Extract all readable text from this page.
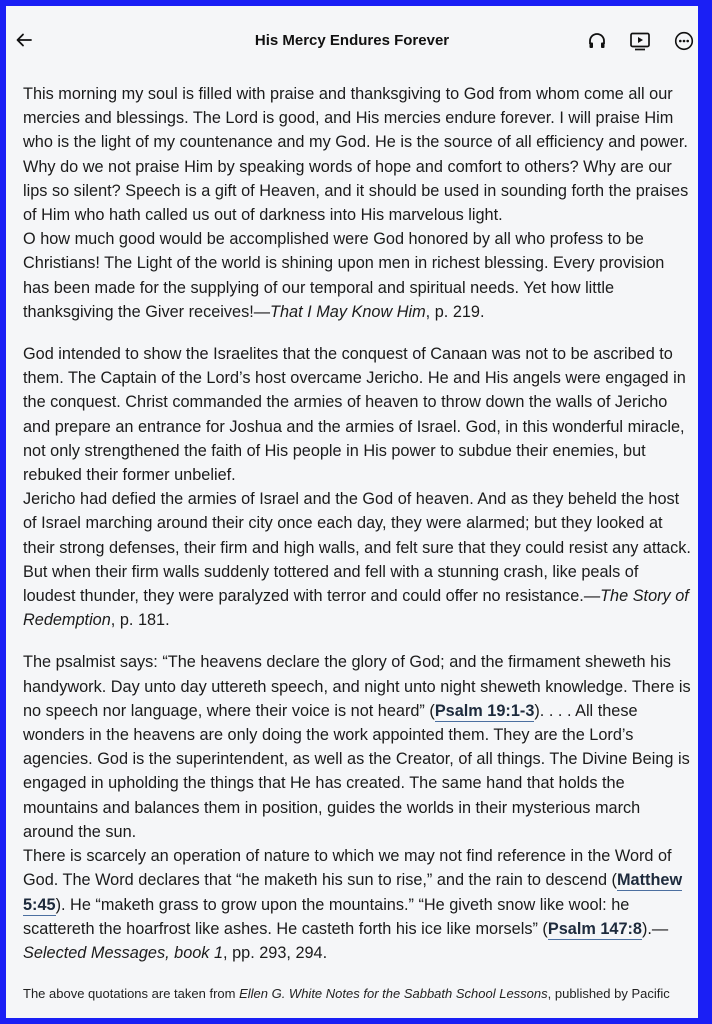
His Mercy Endures Forever

This morning my soul is filled with praise and thanksgiving to God from whom come all our mercies and blessings. The Lord is good, and His mercies endure forever. I will praise Him who is the light of my countenance and my God. He is the source of all efficiency and power. Why do we not praise Him by speaking words of hope and comfort to others? Why are our lips so silent? Speech is a gift of Heaven, and it should be used in sounding forth the praises of Him who hath called us out of darkness into His marvelous light.

O how much good would be accomplished were God honored by all who profess to be Christians! The Light of the world is shining upon men in richest blessing. Every provision has been made for the supplying of our temporal and spiritual needs. Yet how little thanksgiving the Giver receives!—That I May Know Him, p. 219.

God intended to show the Israelites that the conquest of Canaan was not to be ascribed to them. The Captain of the Lord’s host overcame Jericho. He and His angels were engaged in the conquest. Christ commanded the armies of heaven to throw down the walls of Jericho and prepare an entrance for Joshua and the armies of Israel. God, in this wonderful miracle, not only strengthened the faith of His people in His power to subdue their enemies, but rebuked their former unbelief.

Jericho had defied the armies of Israel and the God of heaven. And as they beheld the host of Israel marching around their city once each day, they were alarmed; but they looked at their strong defenses, their firm and high walls, and felt sure that they could resist any attack. But when their firm walls suddenly tottered and fell with a stunning crash, like peals of loudest thunder, they were paralyzed with terror and could offer no resistance.—The Story of Redemption, p. 181.

The psalmist says: “The heavens declare the glory of God; and the firmament sheweth his handywork. Day unto day uttereth speech, and night unto night sheweth knowledge. There is no speech nor language, where their voice is not heard” (Psalm 19:1-3). . . . All these wonders in the heavens are only doing the work appointed them. They are the Lord’s agencies. God is the superintendent, as well as the Creator, of all things. The Divine Being is engaged in upholding the things that He has created. The same hand that holds the mountains and balances them in position, guides the worlds in their mysterious march around the sun.

There is scarcely an operation of nature to which we may not find reference in the Word of God. The Word declares that “he maketh his sun to rise,” and the rain to descend (Matthew 5:45). He “maketh grass to grow upon the mountains.” “He giveth snow like wool: he scattereth the hoarfrost like ashes. He casteth forth his ice like morsels” (Psalm 147:8).—Selected Messages, book 1, pp. 293, 294.

The above quotations are taken from Ellen G. White Notes for the Sabbath School Lessons, published by Pacific
